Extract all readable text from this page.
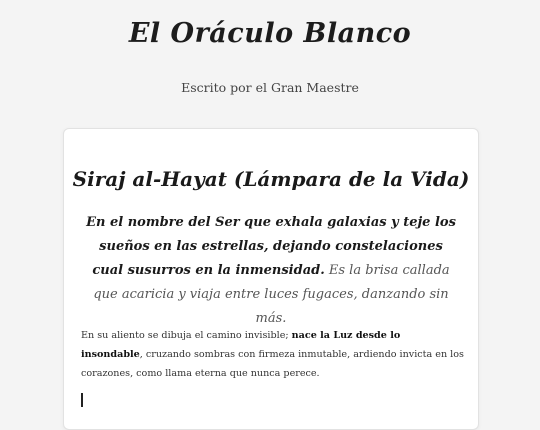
El Oráculo Blanco
Escrito por el Gran Maestre
Siraj al-Hayat (Lámpara de la Vida)
En el nombre del Ser que exhala galaxias y teje los sueños en las estrellas, dejando constelaciones cual susurros en la inmensidad. Es la brisa callada que acaricia y viaja entre luces fugaces, danzando sin más.
En su aliento se dibuja el camino invisible; nace la Luz desde lo insondable, cruzando sombras con firmeza inmutable, ardiendo invicta en los corazones, como llama eterna que nunca perece.
